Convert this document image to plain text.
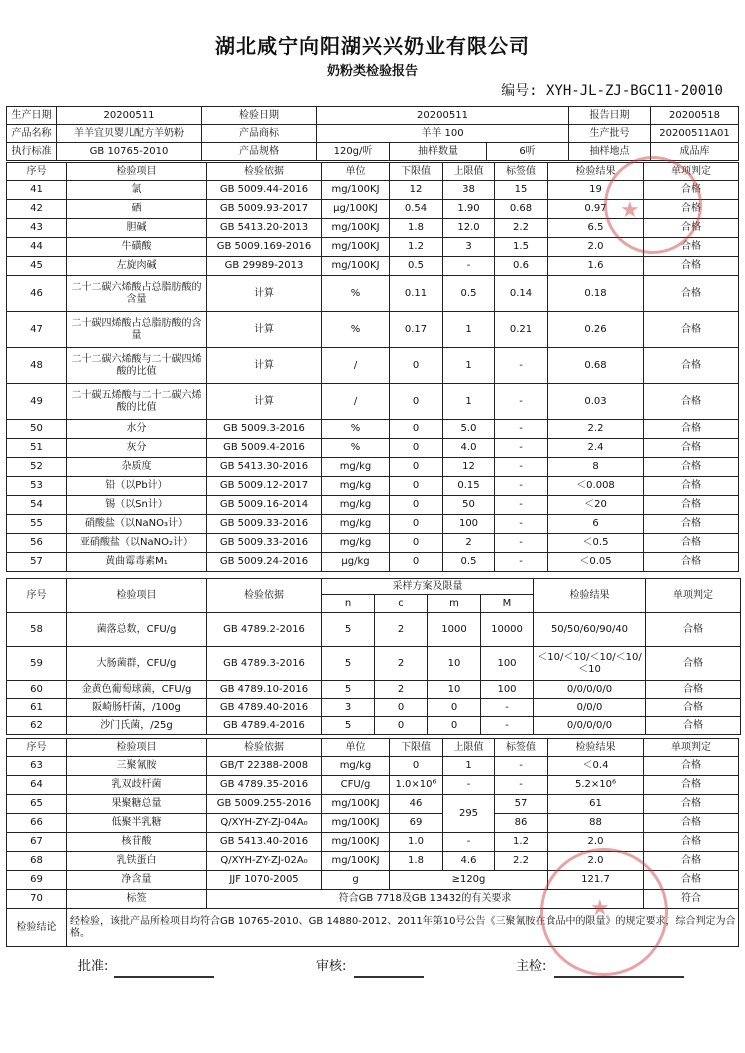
湖北咸宁向阳湖兴兴奶业有限公司
奶粉类检验报告
编号: XYH-JL-ZJ-BGC11-20010
生产日期	20200511	检验日期	20200511			报告日期	20200518
产品名称	羊羊宜贝婴儿配方羊奶粉	产品商标	羊羊 100			生产批号	20200511A01
执行标准	GB 10765-2010	产品规格	120g/听	抽样数量	6听	抽样地点	成品库
序号	检验项目	检验依据	单位	下限值	上限值	标签值	检验结果	单项判定
41	氯	GB 5009.44-2016	mg/100KJ	12	38	15	19	合格
42	硒	GB 5009.93-2017	μg/100KJ	0.54	1.90	0.68	0.97	合格
43	胆碱	GB 5413.20-2013	mg/100KJ	1.8	12.0	2.2	6.5	合格
44	牛磺酸	GB 5009.169-2016	mg/100KJ	1.2	3	1.5	2.0	合格
45	左旋肉碱	GB 29989-2013	mg/100KJ	0.5	-	0.6	1.6	合格
46	二十二碳六烯酸占总脂肪酸的含量	计算	%	0.11	0.5	0.14	0.18	合格
47	二十碳四烯酸占总脂肪酸的含量	计算	%	0.17	1	0.21	0.26	合格
48	二十二碳六烯酸与二十碳四烯酸的比值	计算	/	0	1	-	0.68	合格
49	二十碳五烯酸与二十二碳六烯酸的比值	计算	/	0	1	-	0.03	合格
50	水分	GB 5009.3-2016	%	0	5.0	-	2.2	合格
51	灰分	GB 5009.4-2016	%	0	4.0	-	2.4	合格
52	杂质度	GB 5413.30-2016	mg/kg	0	12	-	8	合格
53	铅（以Pb计）	GB 5009.12-2017	mg/kg	0	0.15	-	＜0.008	合格
54	锡（以Sn计）	GB 5009.16-2014	mg/kg	0	50	-	＜20	合格
55	硝酸盐（以NaNO₃计）	GB 5009.33-2016	mg/kg	0	100	-	6	合格
56	亚硝酸盐（以NaNO₂计）	GB 5009.33-2016	mg/kg	0	2	-	＜0.5	合格
57	黄曲霉毒素M₁	GB 5009.24-2016	μg/kg	0	0.5	-	＜0.05	合格
序号	检验项目	检验依据	采样方案及限量				检验结果	单项判定
			n	c	m	M		
58	菌落总数，CFU/g	GB 4789.2-2016	5	2	1000	10000	50/50/60/90/40	合格
59	大肠菌群，CFU/g	GB 4789.3-2016	5	2	10	100	＜10/＜10/＜10/＜10/＜10	合格
60	金黄色葡萄球菌，CFU/g	GB 4789.10-2016	5	2	10	100	0/0/0/0/0	合格
61	阪崎肠杆菌，/100g	GB 4789.40-2016	3	0	0	-	0/0/0	合格
62	沙门氏菌，/25g	GB 4789.4-2016	5	0	0	-	0/0/0/0/0	合格
序号	检验项目	检验依据	单位	下限值	上限值	标签值	检验结果	单项判定
63	三聚氰胺	GB/T 22388-2008	mg/kg	0	1	-	＜0.4	合格
64	乳双歧杆菌	GB 4789.35-2016	CFU/g	1.0×10⁶	-	-	5.2×10⁶	合格
65	果聚糖总量	GB 5009.255-2016	mg/100KJ	46	295	57	61	合格
66	低聚半乳糖	Q/XYH-ZY-ZJ-04A₀	mg/100KJ	69		86	88	合格
67	核苷酸	GB 5413.40-2016	mg/100KJ	1.0	-	1.2	2.0	合格
68	乳铁蛋白	Q/XYH-ZY-ZJ-02A₀	mg/100KJ	1.8	4.6	2.2	2.0	合格
69	净含量	JJF 1070-2005	g	≥120g			121.7	合格
70	标签	符合GB 7718及GB 13432的有关要求						符合
检验结论	经检验，该批产品所检项目均符合GB 10765-2010、GB 14880-2012、2011年第10号公告《三聚氰胺在食品中的限量》的规定要求，综合判定为合格。							
★
★
批准:	审核:	主检:
